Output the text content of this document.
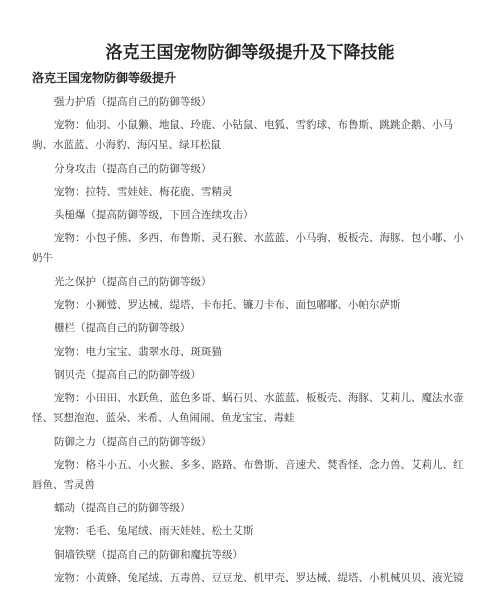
洛克王国宠物防御等级提升及下降技能
洛克王国宠物防御等级提升
强力护盾（提高自己的防御等级）
宠物：仙羽、小鼠獭、地鼠、玲鹿、小钻鼠、电狐、雪豹球、布鲁斯、跳跳企鹅、小马驹、水蓝蓝、小海豹、海闪星、绿耳松鼠
分身攻击（提高自己的防御等级）
宠物：拉特、雪娃娃、梅花鹿、雪精灵
头槌爆（提高防御等级，下回合连续攻击）
宠物：小包子熊、多西、布鲁斯、灵石猴、水蓝蓝、小马驹、板板壳、海豚、包小嘟、小奶牛
光之保护（提高自己的防御等级）
宠物：小狮鹫、罗达械、缇塔、卡布托、镰刀卡布、面包嘟嘟、小帕尔萨斯
栅栏（提高自己的防御等级）
宠物：电力宝宝、翡翠水母、斑斑猫
钢贝壳（提高自己的防御等级）
宠物：小田田、水跃鱼、蓝色多哥、蜗石贝、水蓝蓝、板板壳、海豚、艾莉儿、魔法水壶怪、冥想泡泡、蓝朵、米希、人鱼闹闹、鱼龙宝宝、毒蛙
防御之力（提高自己的防御等级）
宠物：格斗小五、小火猴、多多、路路、布鲁斯、音速犬、焚香怪、念力兽、艾莉儿、红唇鱼、雪灵兽
蠕动（提高自己的防御等级）
宠物：毛毛、兔尾绒、雨天娃娃、松土艾斯
铜墙铁壁（提高自己的防御和魔抗等级）
宠物：小黄蜂、兔尾绒、五毒兽、豆豆龙、机甲壳、罗达械、缇塔、小机械贝贝、液光镜
